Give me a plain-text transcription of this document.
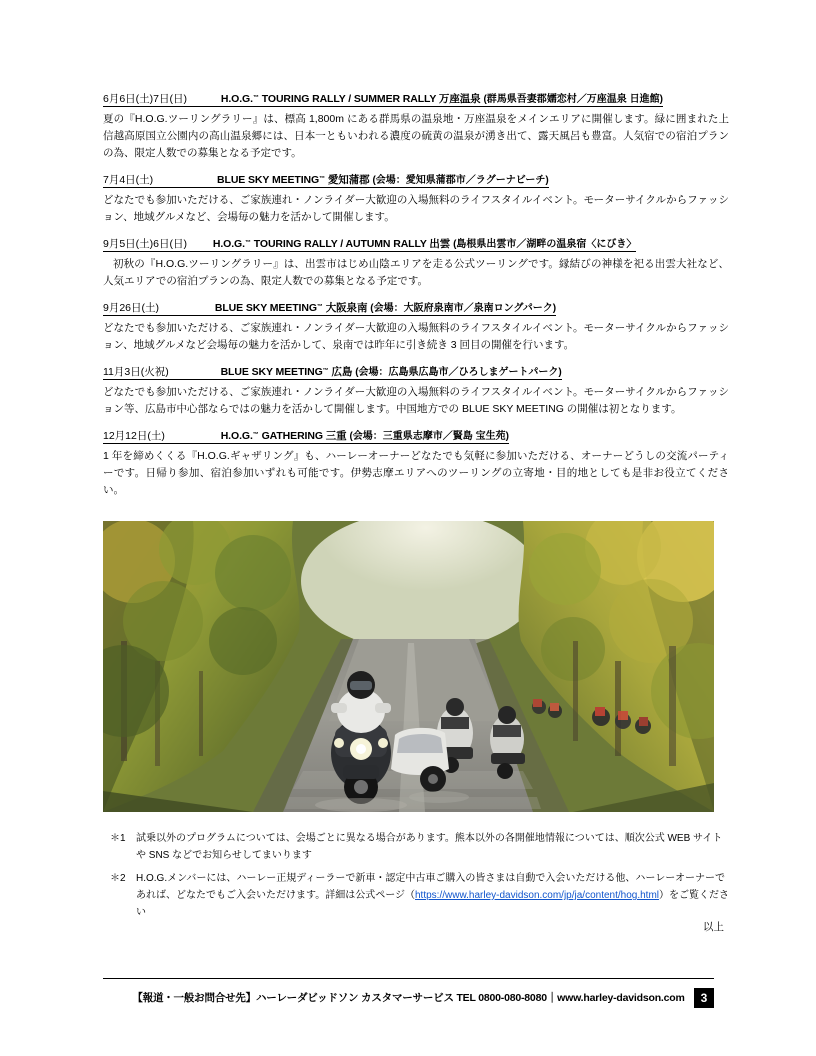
6月6日(土)7日(日)	H.O.G.™ TOURING RALLY / SUMMER RALLY 万座温泉 (群馬県吾妻郡嬬恋村／万座温泉 日進館)
夏の『H.O.G.ツーリングラリー』は、標高 1,800m にある群馬県の温泉地・万座温泉をメインエリアに開催します。緑に囲まれた上信越高原国立公園内の高山温泉郷には、日本一ともいわれる濃度の硫黄の温泉が湧き出て、露天風呂も豊富。人気宿での宿泊プランの為、限定人数での募集となる予定です。
7月4日(土)	BLUE SKY MEETING™ 愛知蒲郡 (会場：愛知県蒲郡市／ラグーナビーチ)
どなたでも参加いただける、ご家族連れ・ノンライダー大歓迎の入場無料のライフスタイルイベント。モーターサイクルからファッション、地域グルメなど、会場毎の魅力を活かして開催します。
9月5日(土)6日(日) H.O.G.™ TOURING RALLY / AUTUMN RALLY 出雲 (島根県出雲市／湖畔の温泉宿〈にびき〉
初秋の『H.O.G.ツーリングラリー』は、出雲市はじめ山陰エリアを走る公式ツーリングです。縁結びの神様を祀る出雲大社など、人気エリアでの宿泊プランの為、限定人数での募集となる予定です。
9月26日(土)	BLUE SKY MEETING™ 大阪泉南 (会場：大阪府泉南市／泉南ロングパーク)
どなたでも参加いただける、ご家族連れ・ノンライダー大歓迎の入場無料のライフスタイルイベント。モーターサイクルからファッション、地域グルメなど会場毎の魅力を活かして、泉南では昨年に引き続き 3 回目の開催を行います。
11月3日(火祝)	BLUE SKY MEETING™ 広島 (会場：広島県広島市／ひろしまゲートパーク)
どなたでも参加いただける、ご家族連れ・ノンライダー大歓迎の入場無料のライフスタイルイベント。モーターサイクルからファッション等、広島市中心部ならではの魅力を活かして開催します。中国地方での BLUE SKY MEETING の開催は初となります。
12月12日(土)	H.O.G.™ GATHERING 三重 (会場：三重県志摩市／賢島 宝生苑)
1 年を締めくくる『H.O.G.ギャザリング』も、ハーレーオーナーどなたでも気軽に参加いただける、オーナーどうしの交流パーティーです。日帰り参加、宿泊参加いずれも可能です。伊勢志摩エリアへのツーリングの立寄地・目的地としても是非お役立てください。
＊1	試乗以外のプログラムについては、会場ごとに異なる場合があります。熊本以外の各開催地情報については、順次公式 WEB サイトや SNS などでお知らせしてまいります
＊2	H.O.G.メンバーには、ハーレー正規ディーラーで新車・認定中古車ご購入の皆さまは自動で入会いただける他、ハーレーオーナーであれば、どなたでもご入会いただけます。詳細は公式ページ（https://www.harley-davidson.com/jp/ja/content/hog.html）をご覧ください
以上
【報道・一般お問合せ先】ハーレーダビッドソン カスタマーサービス TEL 0800-080-8080｜www.harley-davidson.com	3
